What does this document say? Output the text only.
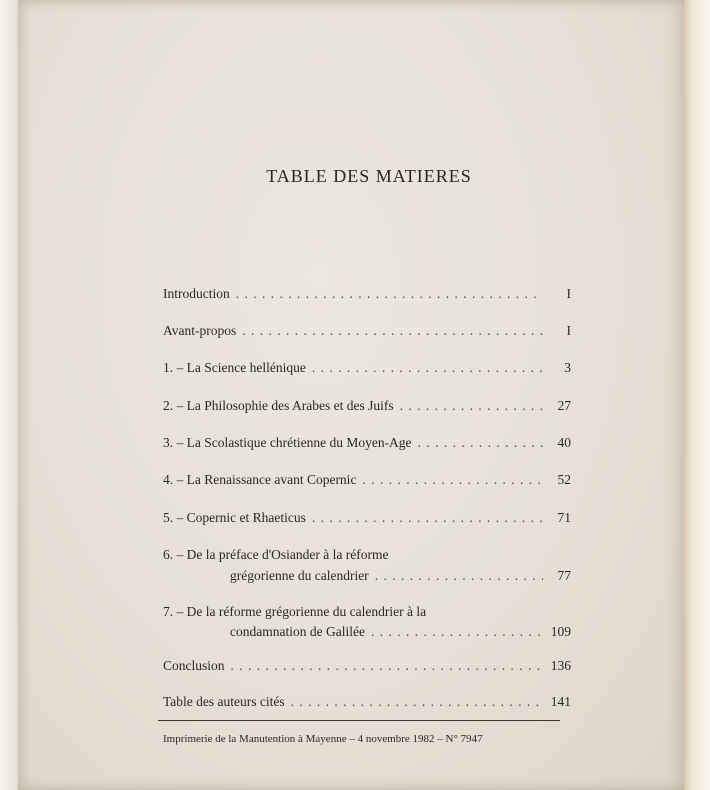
TABLE DES MATIERES
Introduction . . .	I
Avant-propos . . .	I
1. – La Science hellénique . . .	3
2. – La Philosophie des Arabes et des Juifs . . .	27
3. – La Scolastique chrétienne du Moyen-Age . . .	40
4. – La Renaissance avant Copernic . . .	52
5. – Copernic et Rhaeticus . . .	71
6. – De la préface d'Osiander à la réforme
grégorienne du calendrier . . .	77
7. – De la réforme grégorienne du calendrier à la
condamnation de Galilée . . .	109
Conclusion . . .	136
Table des auteurs cités . . .	141
Imprimerie de la Manutention à Mayenne – 4 novembre 1982 – N° 7947
